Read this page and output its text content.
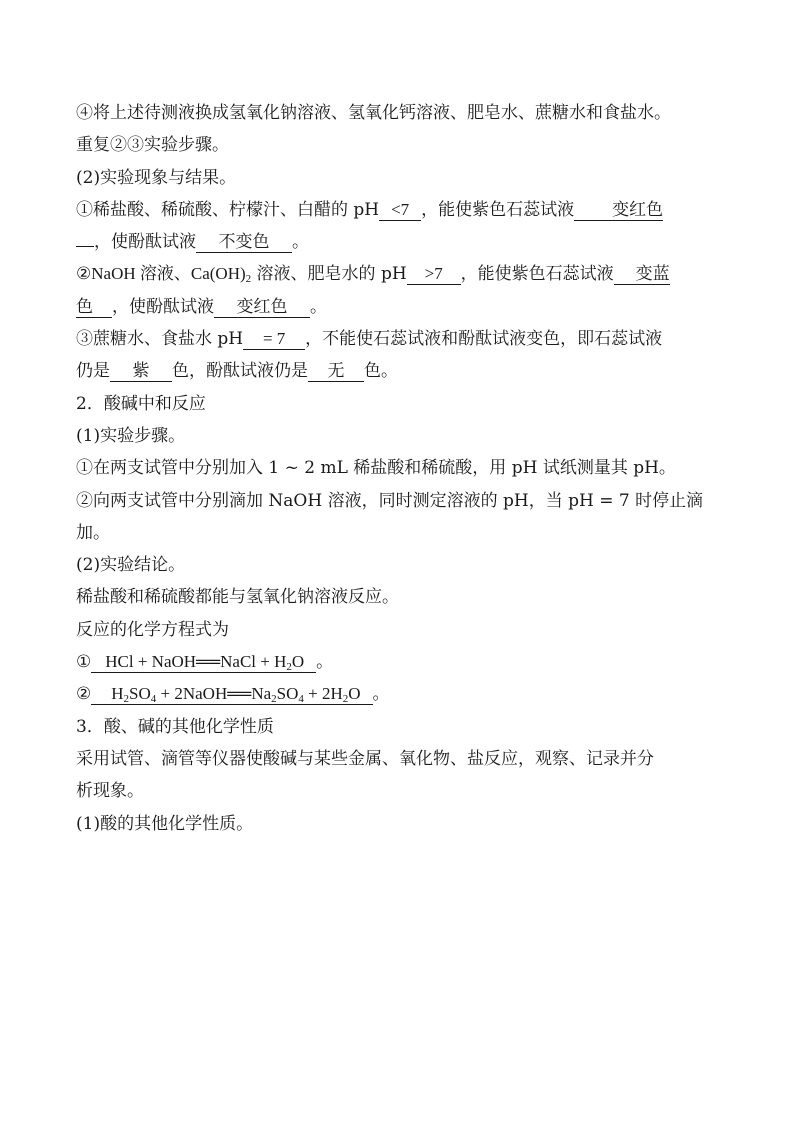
④将上述待测液换成氢氧化钠溶液、氢氧化钙溶液、肥皂水、蔗糖水和食盐水。
重复②③实验步骤。
(2)实验现象与结果。
①稀盐酸、稀硫酸、柠檬汁、白醋的 pH <7 ，能使紫色石蕊试液 变红色
，使酚酞试液 不变色 。
②NaOH 溶液、$Ca(OH)_2$ 溶液、肥皂水的 pH >7 ，能使紫色石蕊试液 变蓝
色 ，使酚酞试液 变红色 。
③蔗糖水、食盐水 pH = 7 ，不能使石蕊试液和酚酞试液变色，即石蕊试液
仍是 紫 色，酚酞试液仍是 无 色。
2．酸碱中和反应
(1)实验步骤。
①在两支试管中分别加入 1 ~ 2 mL 稀盐酸和稀硫酸，用 pH 试纸测量其 pH。
②向两支试管中分别滴加 NaOH 溶液，同时测定溶液的 pH，当 pH = 7 时停止滴
加。
(2)实验结论。
稀盐酸和稀硫酸都能与氢氧化钠溶液反应。
反应的化学方程式为
① HCl + NaOH══NaCl + $H_2O$ 。
② $H_2SO_4$ + $2NaOH══Na_2SO_4 + 2H_2O$ 。
3．酸、碱的其他化学性质
采用试管、滴管等仪器使酸碱与某些金属、氧化物、盐反应，观察、记录并分
析现象。
(1)酸的其他化学性质。
